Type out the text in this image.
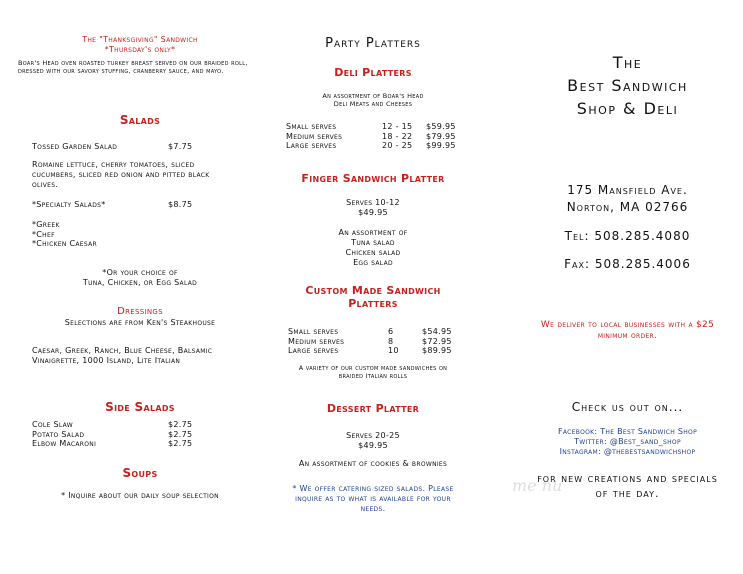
The "Thanksgiving" Sandwich
*Thursday's only*
Boar's Head oven roasted turkey breast served on our braided roll, dressed with our savory stuffing, cranberry sauce, and mayo.
Salads
Tossed Garden Salad	$7.75
Romaine lettuce, cherry tomatoes, sliced cucumbers, sliced red onion and pitted black olives.
*Specialty Salads*	$8.75
*Greek
*Chef
*Chicken Caesar
*Or your choice of
Tuna, Chicken, or Egg Salad
Dressings
Selections are from Ken's Steakhouse
Caesar, Greek, Ranch, Blue Cheese, Balsamic Vinaigrette, 1000 Island, Lite Italian
Side Salads
Cole Slaw	$2.75
Potato Salad	$2.75
Elbow Macaroni	$2.75
Soups
* Inquire about our daily soup selection
Party Platters
Deli Platters
An assortment of Boar's Head
Deli Meats and Cheeses
Small serves	12 - 15	$59.95
Medium serves	18 - 22	$79.95
Large serves	20 - 25	$99.95
Finger Sandwich Platter
Serves 10-12
$49.95
An assortment of
Tuna salad
Chicken salad
Egg salad
Custom Made Sandwich Platters
Small serves	6	$54.95
Medium serves	8	$72.95
Large serves	10	$89.95
A variety of our custom made sandwiches on braided Italian rolls
Dessert Platter
Serves 20-25
$49.95
An assortment of cookies & brownies
* We offer catering sized salads. Please inquire as to what is available for your needs.
The
Best Sandwich
Shop & Deli
175 Mansfield Ave.
Norton, MA 02766
Tel: 508.285.4080
Fax: 508.285.4006
We deliver to local businesses with a $25 minimum order.
Check us out on...
Facebook: The Best Sandwich Shop
Twitter: @Best_sand_shop
Instagram: @thebestsandwichshop
for new creations and specials of the day.
me nu
